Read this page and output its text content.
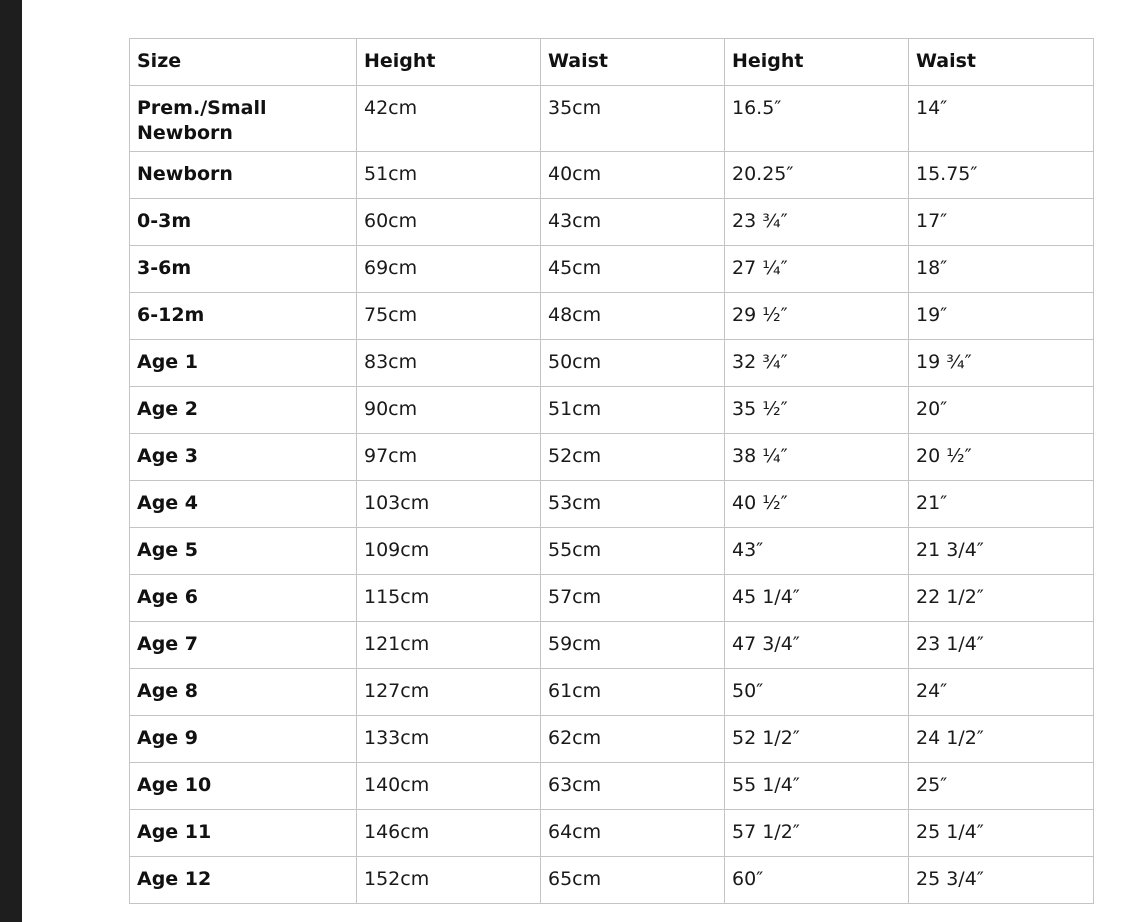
Size	Height	Waist	Height	Waist
Prem./Small Newborn	42cm	35cm	16.5″	14″
Newborn	51cm	40cm	20.25″	15.75″
0-3m	60cm	43cm	23 ¾″	17″
3-6m	69cm	45cm	27 ¼″	18″
6-12m	75cm	48cm	29 ½″	19″
Age 1	83cm	50cm	32 ¾″	19 ¾″
Age 2	90cm	51cm	35 ½″	20″
Age 3	97cm	52cm	38 ¼″	20 ½″
Age 4	103cm	53cm	40 ½″	21″
Age 5	109cm	55cm	43″	21 3/4″
Age 6	115cm	57cm	45 1/4″	22 1/2″
Age 7	121cm	59cm	47 3/4″	23 1/4″
Age 8	127cm	61cm	50″	24″
Age 9	133cm	62cm	52 1/2″	24 1/2″
Age 10	140cm	63cm	55 1/4″	25″
Age 11	146cm	64cm	57 1/2″	25 1/4″
Age 12	152cm	65cm	60″	25 3/4″
